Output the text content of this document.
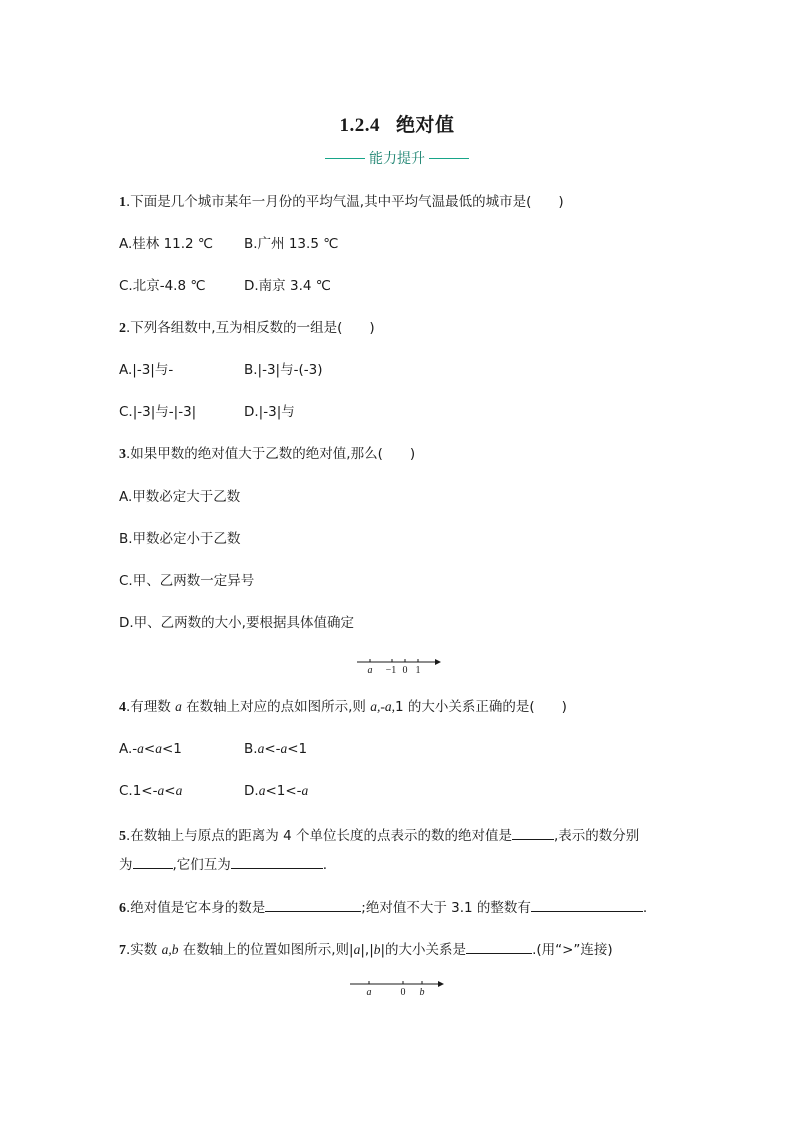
1.2.4 绝对值
能力提升
1.下面是几个城市某年一月份的平均气温,其中平均气温最低的城市是(　　)
A.桂林 11.2 ℃ B.广州 13.5 ℃
C.北京-4.8 ℃	D.南京 3.4 ℃
2.下列各组数中,互为相反数的一组是(　　)
A.|-3|与-	B.|-3|与-(-3)
C.|-3|与-|-3|	D.|-3|与
3.如果甲数的绝对值大于乙数的绝对值,那么(　　)
A.甲数必定大于乙数
B.甲数必定小于乙数
C.甲、乙两数一定异号
D.甲、乙两数的大小,要根据具体值确定
a −1 0 1
4.有理数 a 在数轴上对应的点如图所示,则 a,-a,1 的大小关系正确的是(　　)
A.-a<a<1	B.a<-a<1
C.1<-a<a	D.a<1<-a
5.在数轴上与原点的距离为 4 个单位长度的点表示的数的绝对值是	,表示的数分别
为	,它们互为	.
6.绝对值是它本身的数是	;绝对值不大于 3.1 的整数有	.
7.实数 a,b 在数轴上的位置如图所示,则|a|,|b|的大小关系是	.(用“>”连接)
a	0 b
